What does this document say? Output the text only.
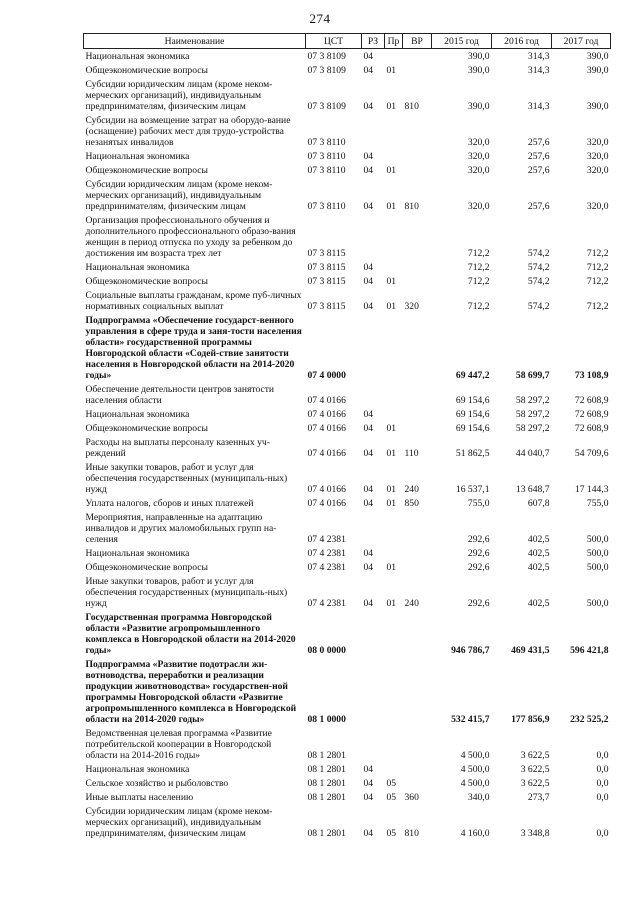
274
Наименование	ЦСТ	РЗ	Пр	ВР	2015 год	2016 год	2017 год
Национальная экономика	07 3 8109	04			390,0	314,3	390,0
Общеэкономические вопросы	07 3 8109	04	01		390,0	314,3	390,0
Субсидии юридическим лицам (кроме неком-мерческих организаций), индивидуальным предпринимателям, физическим лицам	07 3 8109	04	01	810	390,0	314,3	390,0
Субсидии на возмещение затрат на оборудо-вание (оснащение) рабочих мест для трудо-устройства незанятых инвалидов	07 3 8110				320,0	257,6	320,0
Национальная экономика	07 3 8110	04			320,0	257,6	320,0
Общеэкономические вопросы	07 3 8110	04	01		320,0	257,6	320,0
Субсидии юридическим лицам (кроме неком-мерческих организаций), индивидуальным предпринимателям, физическим лицам	07 3 8110	04	01	810	320,0	257,6	320,0
Организация профессионального обучения и дополнительного профессионального образо-вания женщин в период отпуска по уходу за ребенком до достижения им возраста трех лет	07 3 8115				712,2	574,2	712,2
Национальная экономика	07 3 8115	04			712,2	574,2	712,2
Общеэкономические вопросы	07 3 8115	04	01		712,2	574,2	712,2
Социальные выплаты гражданам, кроме пуб-личных нормативных социальных выплат	07 3 8115	04	01	320	712,2	574,2	712,2
Подпрограмма «Обеспечение государст-венного управления в сфере труда и заня-тости населения области» государственной программы Новгородской области «Содей-ствие занятости населения в Новгородской области на 2014-2020 годы»	07 4 0000				69 447,2	58 699,7	73 108,9
Обеспечение деятельности центров занятости населения области	07 4 0166				69 154,6	58 297,2	72 608,9
Национальная экономика	07 4 0166	04			69 154,6	58 297,2	72 608,9
Общеэкономические вопросы	07 4 0166	04	01		69 154,6	58 297,2	72 608,9
Расходы на выплаты персоналу казенных уч-реждений	07 4 0166	04	01	110	51 862,5	44 040,7	54 709,6
Иные закупки товаров, работ и услуг для обеспечения государственных (муниципаль-ных) нужд	07 4 0166	04	01	240	16 537,1	13 648,7	17 144,3
Уплата налогов, сборов и иных платежей	07 4 0166	04	01	850	755,0	607,8	755,0
Мероприятия, направленные на адаптацию инвалидов и других маломобильных групп на-селения	07 4 2381				292,6	402,5	500,0
Национальная экономика	07 4 2381	04			292,6	402,5	500,0
Общеэкономические вопросы	07 4 2381	04	01		292,6	402,5	500,0
Иные закупки товаров, работ и услуг для обеспечения государственных (муниципаль-ных) нужд	07 4 2381	04	01	240	292,6	402,5	500,0
Государственная программа Новгородской области «Развитие агропромышленного комплекса в Новгородской области на 2014-2020 годы»	08 0 0000				946 786,7	469 431,5	596 421,8
Подпрограмма «Развитие подотрасли жи-вотноводства, переработки и реализации продукции животноводства» государствен-ной программы Новгородской области «Развитие агропромышленного комплекса в Новгородской области на 2014-2020 годы»	08 1 0000				532 415,7	177 856,9	232 525,2
Ведомственная целевая программа «Развитие потребительской кооперации в Новгородской области на 2014-2016 годы»	08 1 2801				4 500,0	3 622,5	0,0
Национальная экономика	08 1 2801	04			4 500,0	3 622,5	0,0
Сельское хозяйство и рыболовство	08 1 2801	04	05		4 500,0	3 622,5	0,0
Иные выплаты населению	08 1 2801	04	05	360	340,0	273,7	0,0
Субсидии юридическим лицам (кроме неком-мерческих организаций), индивидуальным предпринимателям, физическим лицам	08 1 2801	04	05	810	4 160,0	3 348,8	0,0
